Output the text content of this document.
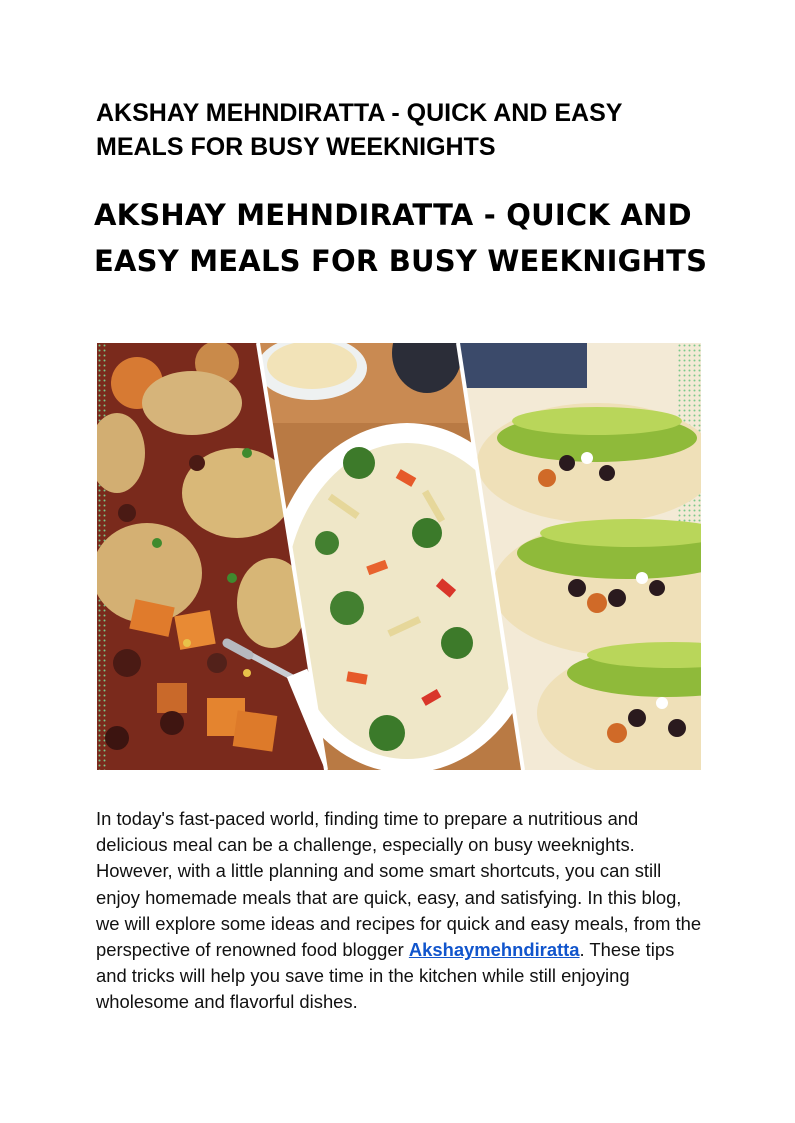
AKSHAY MEHNDIRATTA - QUICK AND EASY MEALS FOR BUSY WEEKNIGHTS
AKSHAY MEHNDIRATTA - QUICK AND
EASY MEALS FOR BUSY WEEKNIGHTS

In today's fast-paced world, finding time to prepare a nutritious and delicious meal can be a challenge, especially on busy weeknights. However, with a little planning and some smart shortcuts, you can still enjoy homemade meals that are quick, easy, and satisfying. In this blog, we will explore some ideas and recipes for quick and easy meals, from the perspective of renowned food blogger Akshaymehndiratta. These tips and tricks will help you save time in the kitchen while still enjoying wholesome and flavorful dishes.
